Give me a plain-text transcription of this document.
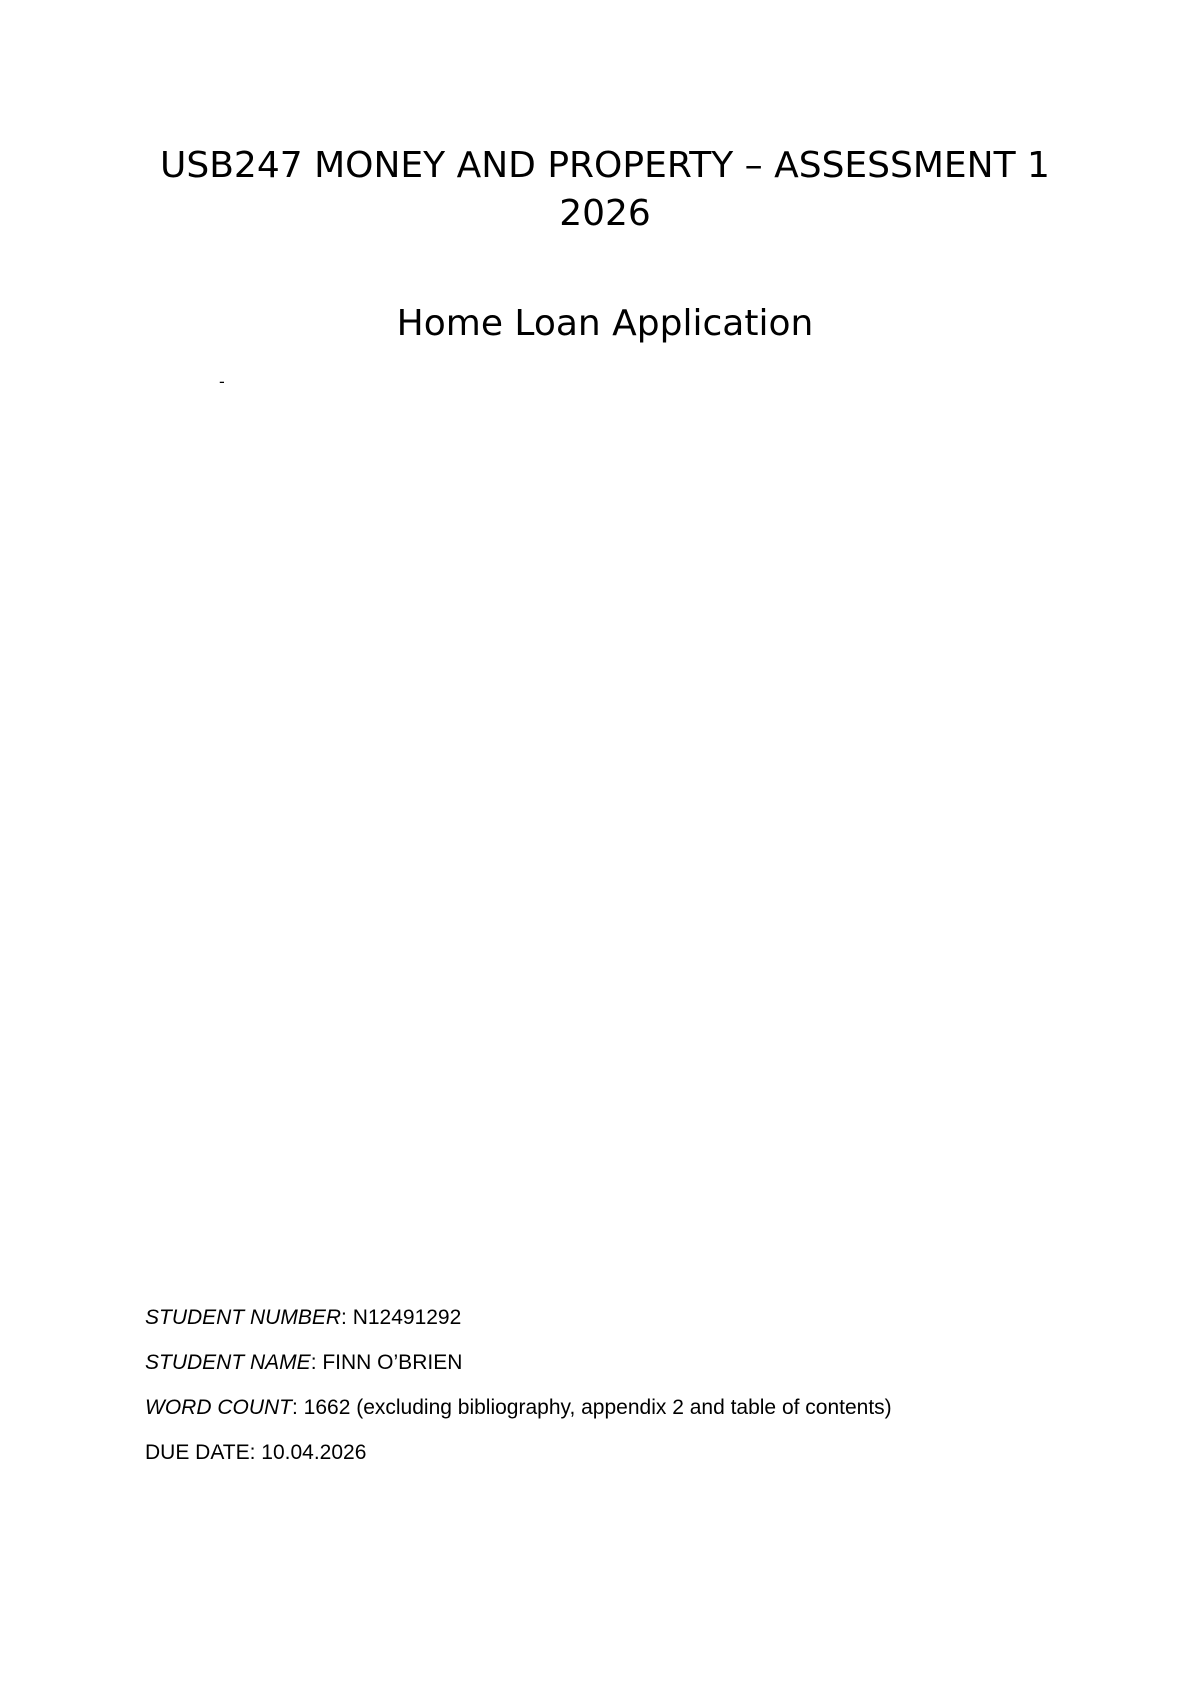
USB247 MONEY AND PROPERTY – ASSESSMENT 1 2026
Home Loan Application
-
STUDENT NUMBER: N12491292
STUDENT NAME: FINN O’BRIEN
WORD COUNT: 1662 (excluding bibliography, appendix 2 and table of contents)
DUE DATE: 10.04.2026
